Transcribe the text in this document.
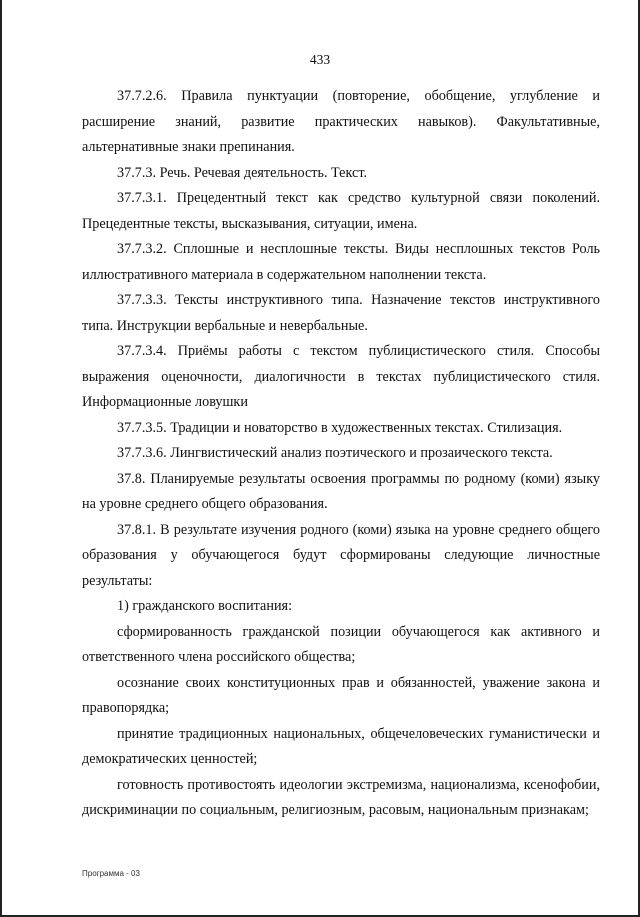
433

37.7.2.6. Правила пунктуации (повторение, обобщение, углубление и расширение знаний, развитие практических навыков). Факультативные, альтернативные знаки препинания.

37.7.3. Речь. Речевая деятельность. Текст.

37.7.3.1. Прецедентный текст как средство культурной связи поколений. Прецедентные тексты, высказывания, ситуации, имена.

37.7.3.2. Сплошные и несплошные тексты. Виды несплошных текстов Роль иллюстративного материала в содержательном наполнении текста.

37.7.3.3. Тексты инструктивного типа. Назначение текстов инструктивного типа. Инструкции вербальные и невербальные.

37.7.3.4. Приёмы работы с текстом публицистического стиля. Способы выражения оценочности, диалогичности в текстах публицистического стиля. Информационные ловушки

37.7.3.5. Традиции и новаторство в художественных текстах. Стилизация.

37.7.3.6. Лингвистический анализ поэтического и прозаического текста.

37.8. Планируемые результаты освоения программы по родному (коми) языку на уровне среднего общего образования.

37.8.1. В результате изучения родного (коми) языка на уровне среднего общего образования у обучающегося будут сформированы следующие личностные результаты:

1) гражданского воспитания:

сформированность гражданской позиции обучающегося как активного и ответственного члена российского общества;

осознание своих конституционных прав и обязанностей, уважение закона и правопорядка;

принятие традиционных национальных, общечеловеческих гуманистически и демократических ценностей;

готовность противостоять идеологии экстремизма, национализма, ксенофобии, дискриминации по социальным, религиозным, расовым, национальным признакам;

Программа - 03
